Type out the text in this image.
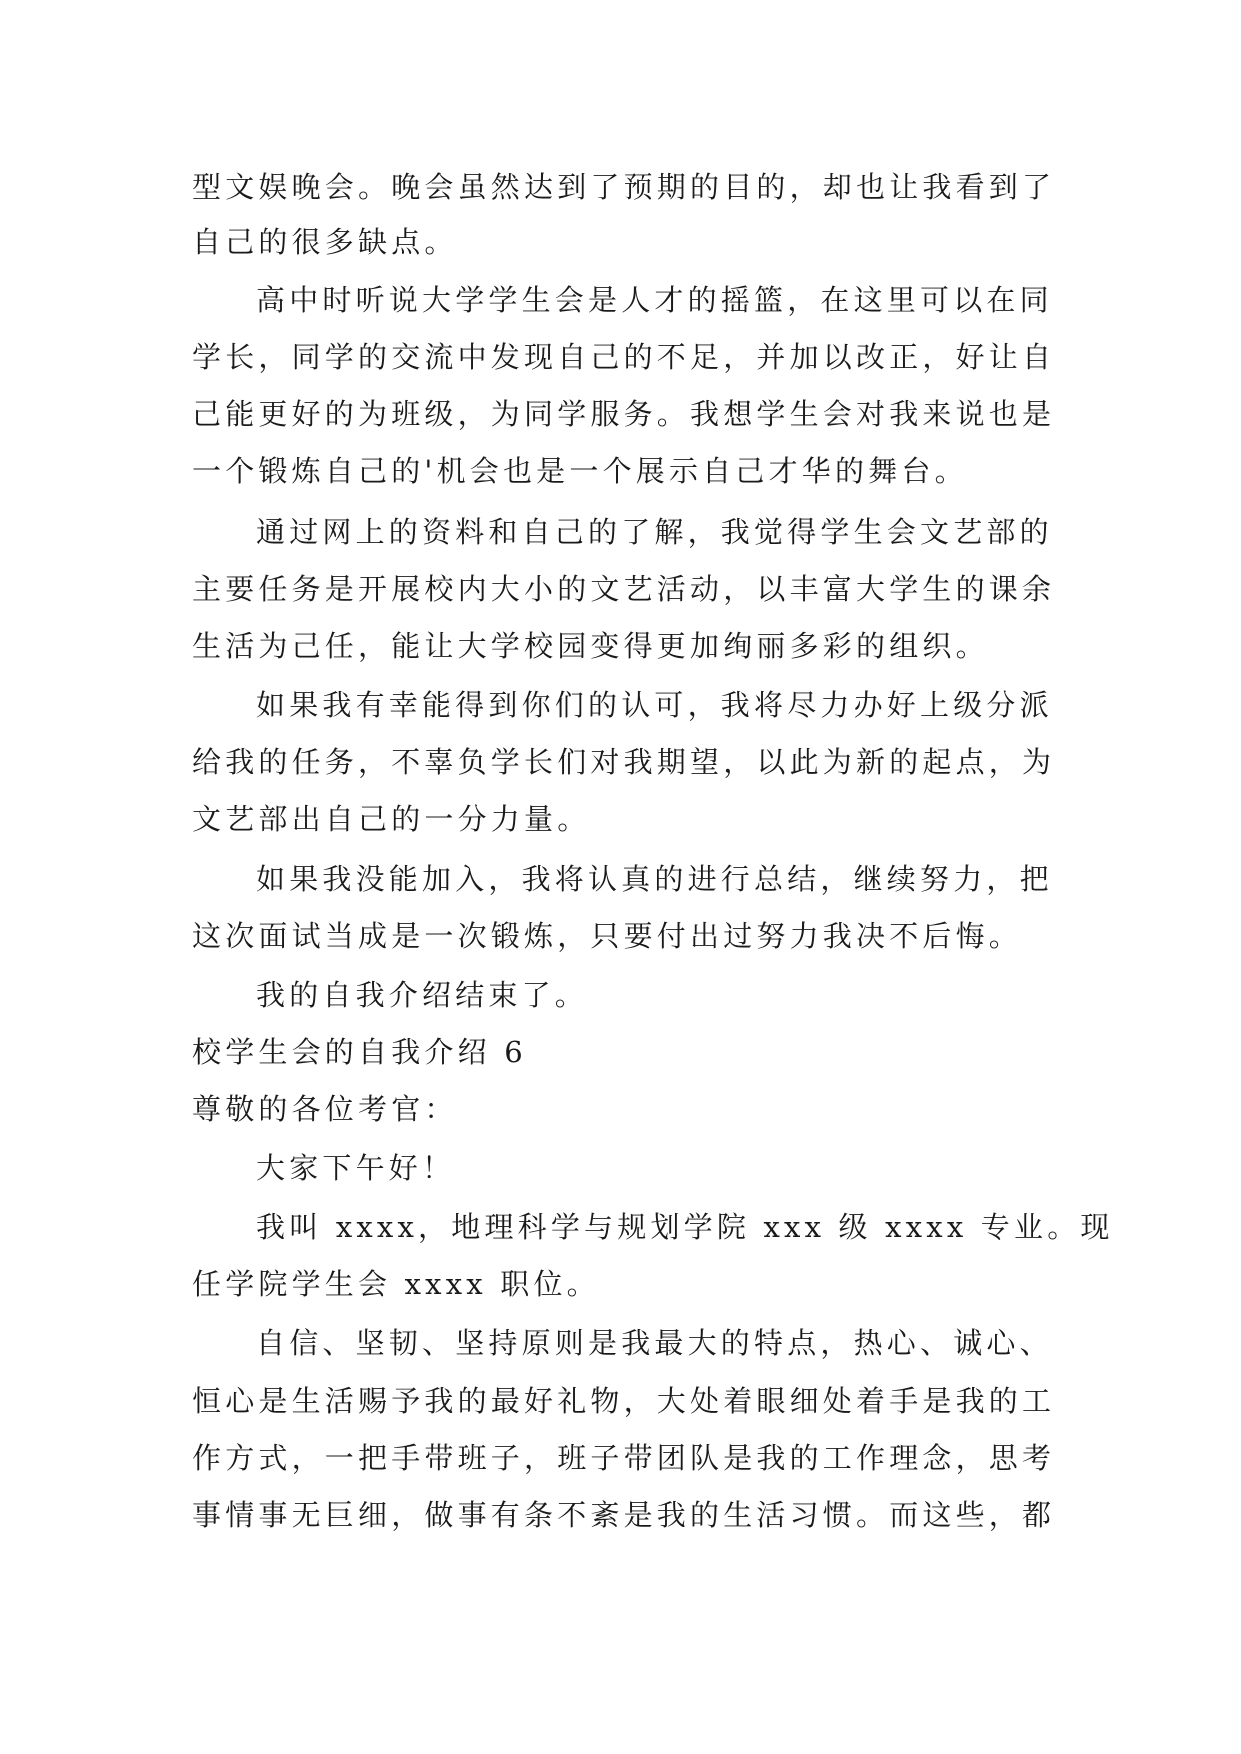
型文娱晚会。晚会虽然达到了预期的目的，却也让我看到了
自己的很多缺点。
高中时听说大学学生会是人才的摇篮，在这里可以在同
学长，同学的交流中发现自己的不足，并加以改正，好让自
己能更好的为班级，为同学服务。我想学生会对我来说也是
一个锻炼自己的'机会也是一个展示自己才华的舞台。
通过网上的资料和自己的了解，我觉得学生会文艺部的
主要任务是开展校内大小的文艺活动，以丰富大学生的课余
生活为己任，能让大学校园变得更加绚丽多彩的组织。
如果我有幸能得到你们的认可，我将尽力办好上级分派
给我的任务，不辜负学长们对我期望，以此为新的起点，为
文艺部出自己的一分力量。
如果我没能加入，我将认真的进行总结，继续努力，把
这次面试当成是一次锻炼，只要付出过努力我决不后悔。
我的自我介绍结束了。
校学生会的自我介绍 6
尊敬的各位考官：
大家下午好！
我叫 xxxx，地理科学与规划学院 xxx 级 xxxx 专业。现
任学院学生会 xxxx 职位。
自信、坚韧、坚持原则是我最大的特点，热心、诚心、
恒心是生活赐予我的最好礼物，大处着眼细处着手是我的工
作方式，一把手带班子，班子带团队是我的工作理念，思考
事情事无巨细，做事有条不紊是我的生活习惯。而这些，都
